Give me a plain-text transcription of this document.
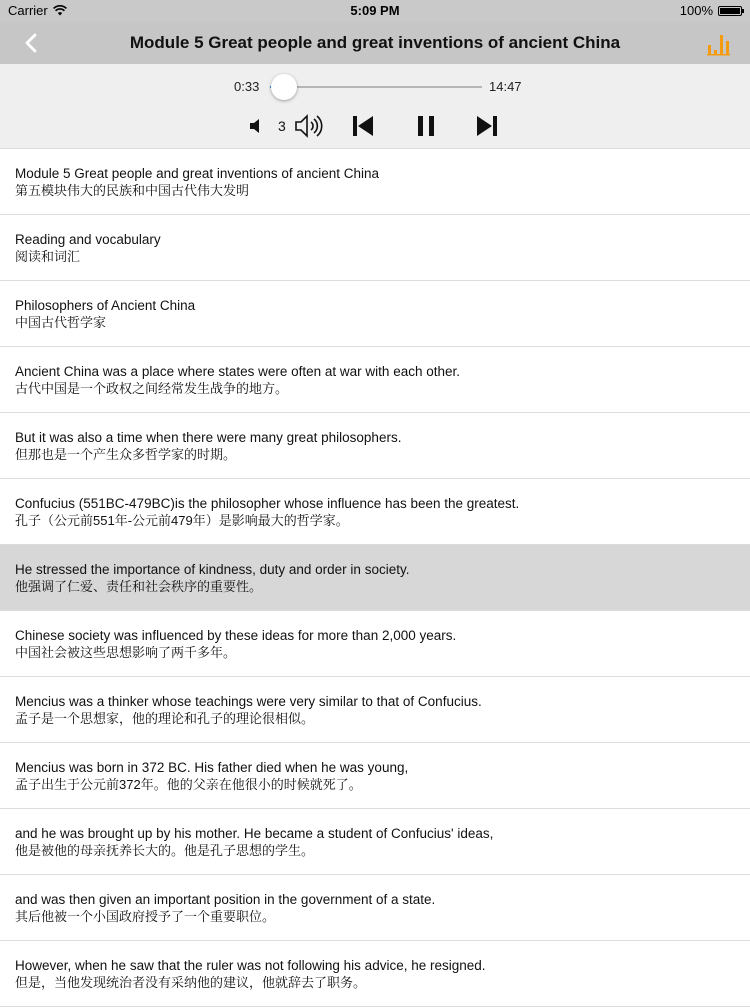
Carrier	5:09 PM	100%
Module 5 Great people and great inventions of ancient China
0:33	14:47
3
Module 5 Great people and great inventions of ancient China
第五模块伟大的民族和中国古代伟大发明
Reading and vocabulary
阅读和词汇
Philosophers of Ancient China
中国古代哲学家
Ancient China was a place where states were often at war with each other.
古代中国是一个政权之间经常发生战争的地方。
But it was also a time when there were many great philosophers.
但那也是一个产生众多哲学家的时期。
Confucius (551BC-479BC)is the philosopher whose influence has been the greatest.
孔子（公元前551年-公元前479年）是影响最大的哲学家。
He stressed the importance of kindness, duty and order in society.
他强调了仁爱、责任和社会秩序的重要性。
Chinese society was influenced by these ideas for more than 2,000 years.
中国社会被这些思想影响了两千多年。
Mencius was a thinker whose teachings were very similar to that of Confucius.
孟子是一个思想家，他的理论和孔子的理论很相似。
Mencius was born in 372 BC. His father died when he was young,
孟子出生于公元前372年。他的父亲在他很小的时候就死了。
and he was brought up by his mother. He became a student of Confucius' ideas,
他是被他的母亲抚养长大的。他是孔子思想的学生。
and was then given an important position in the government of a state.
其后他被一个小国政府授予了一个重要职位。
However, when he saw that the ruler was not following his advice, he resigned.
但是，当他发现统治者没有采纳他的建议，他就辞去了职务。
